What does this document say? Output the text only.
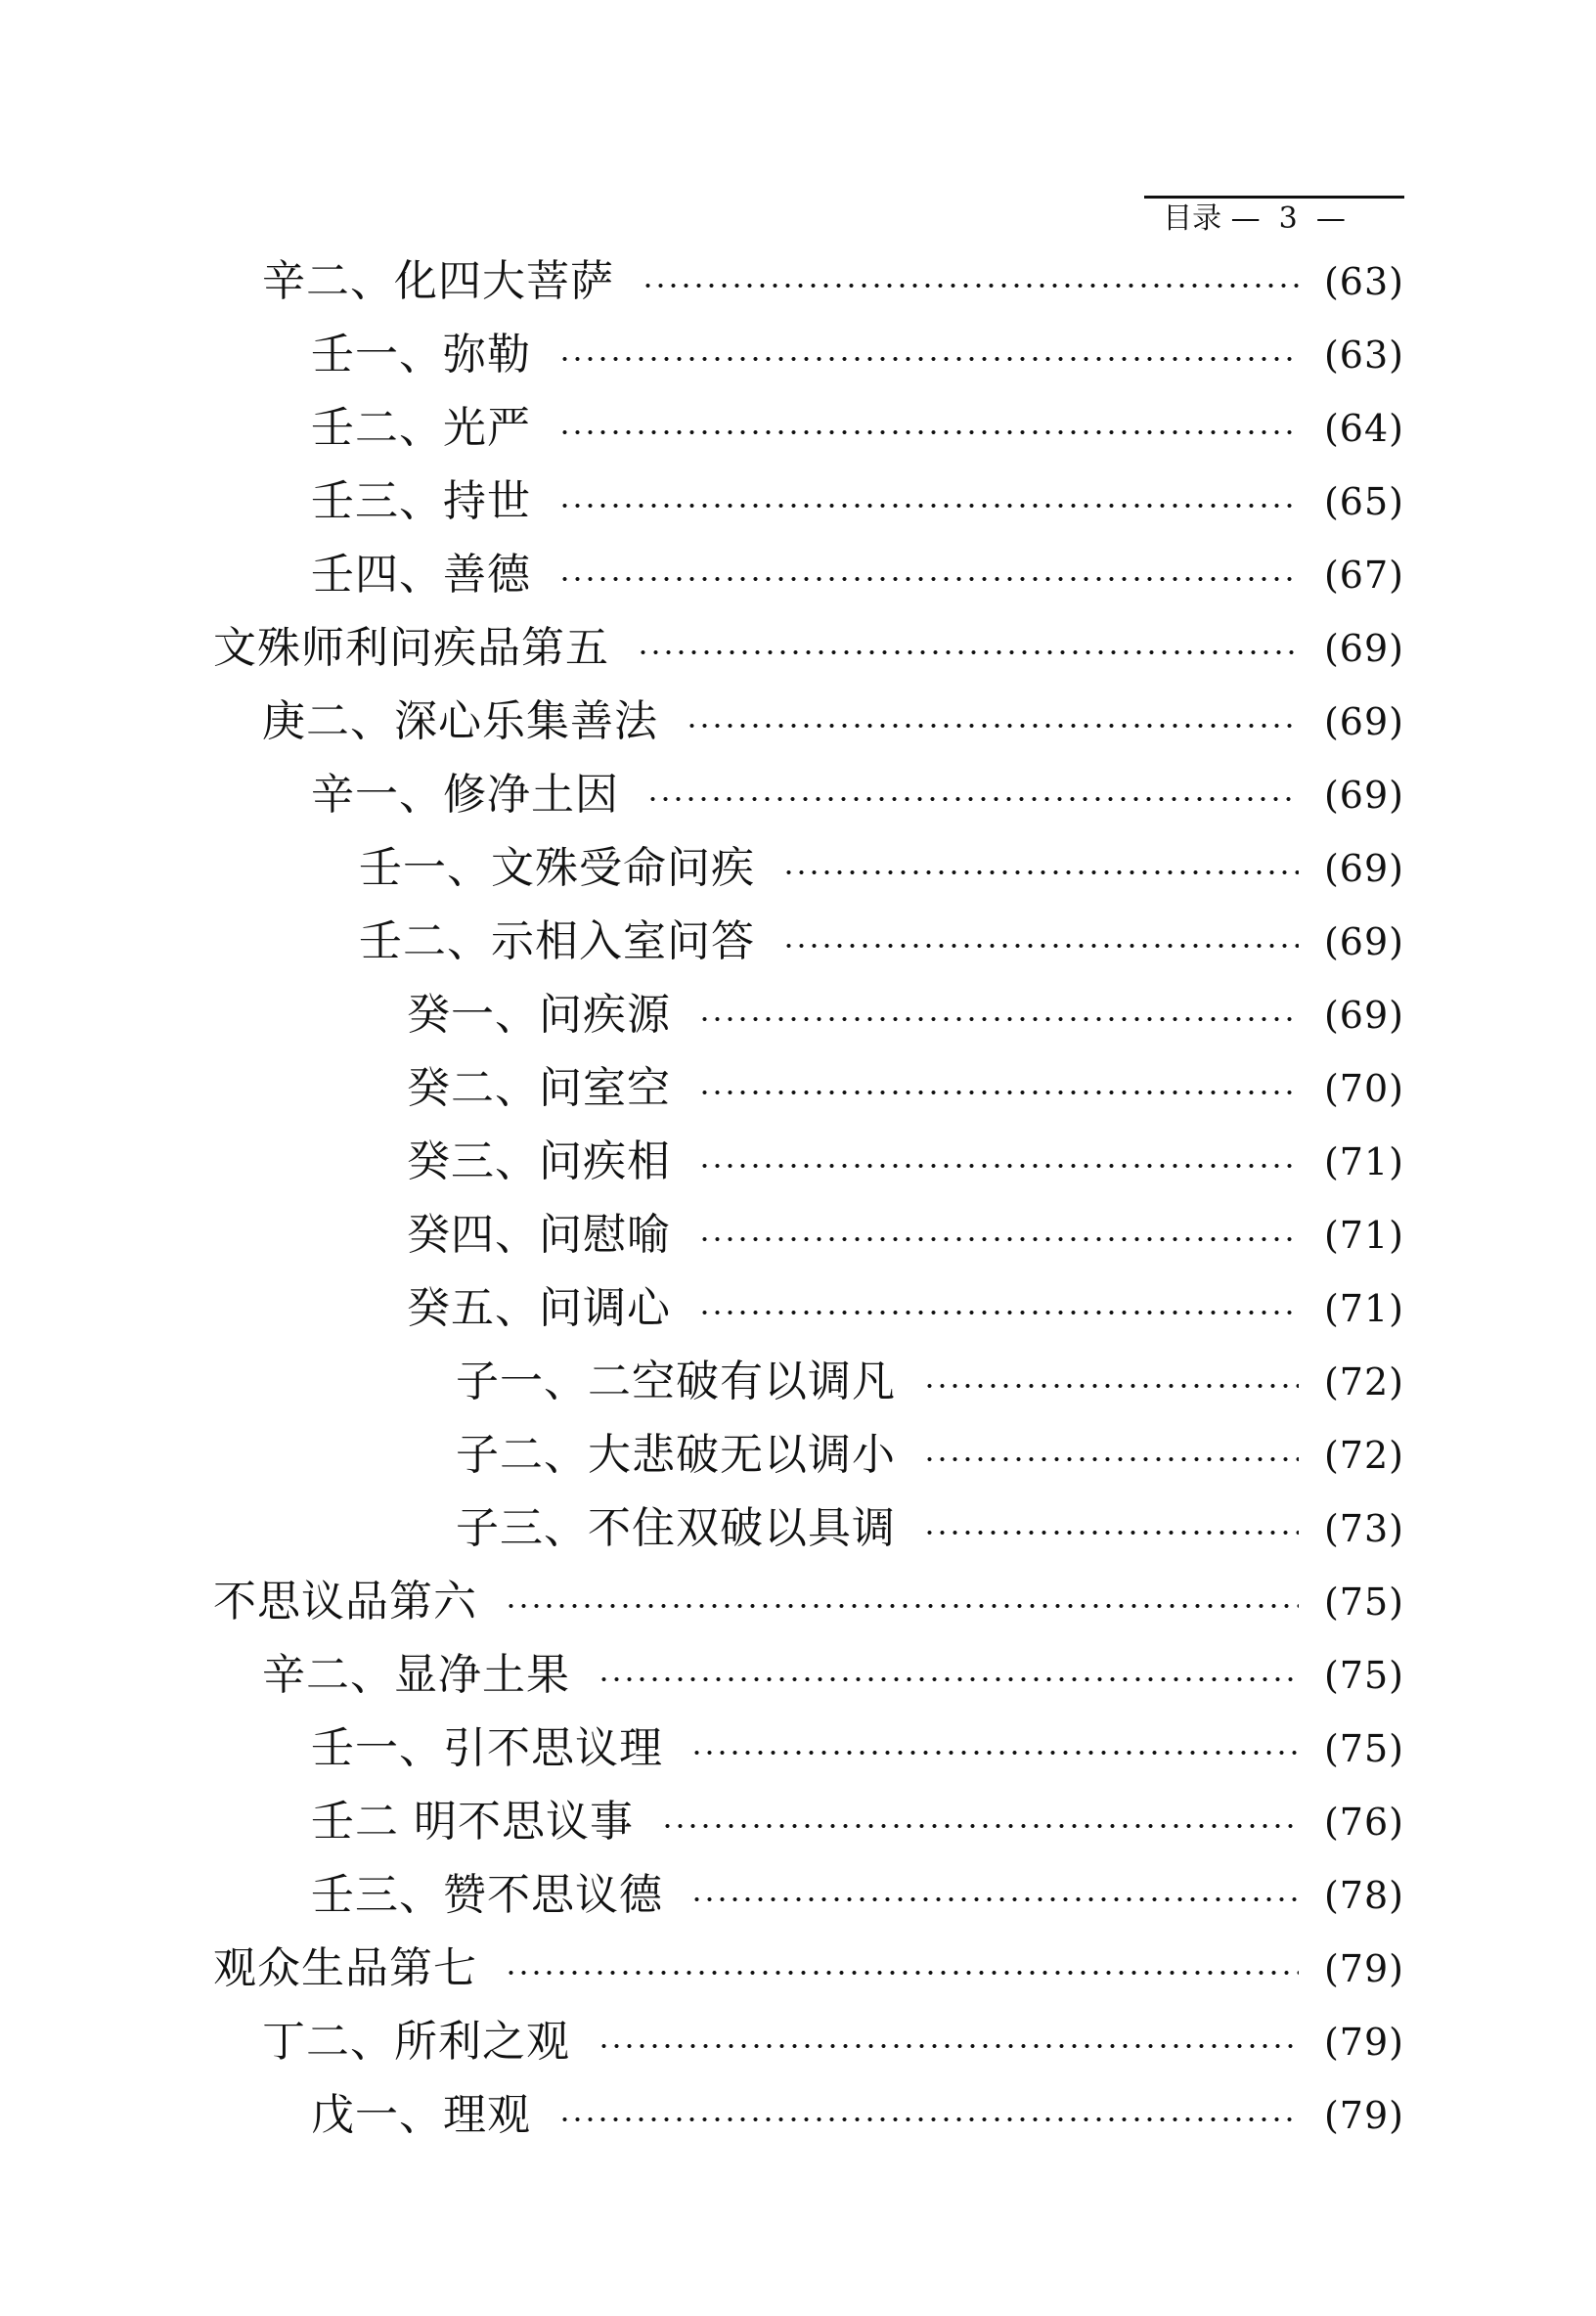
目录 —  3  —

辛二、化四大菩萨	(63)
壬一、弥勒	(63)
壬二、光严	(64)
壬三、持世	(65)
壬四、善德	(67)
文殊师利问疾品第五	(69)
庚二、深心乐集善法	(69)
辛一、修净土因	(69)
壬一、文殊受命问疾	(69)
壬二、示相入室问答	(69)
癸一、问疾源	(69)
癸二、问室空	(70)
癸三、问疾相	(71)
癸四、问慰喻	(71)
癸五、问调心	(71)
子一、二空破有以调凡	(72)
子二、大悲破无以调小	(72)
子三、不住双破以具调	(73)
不思议品第六	(75)
辛二、显净土果	(75)
壬一、引不思议理	(75)
壬二 明不思议事	(76)
壬三、赞不思议德	(78)
观众生品第七	(79)
丁二、所利之观	(79)
戊一、理观	(79)
